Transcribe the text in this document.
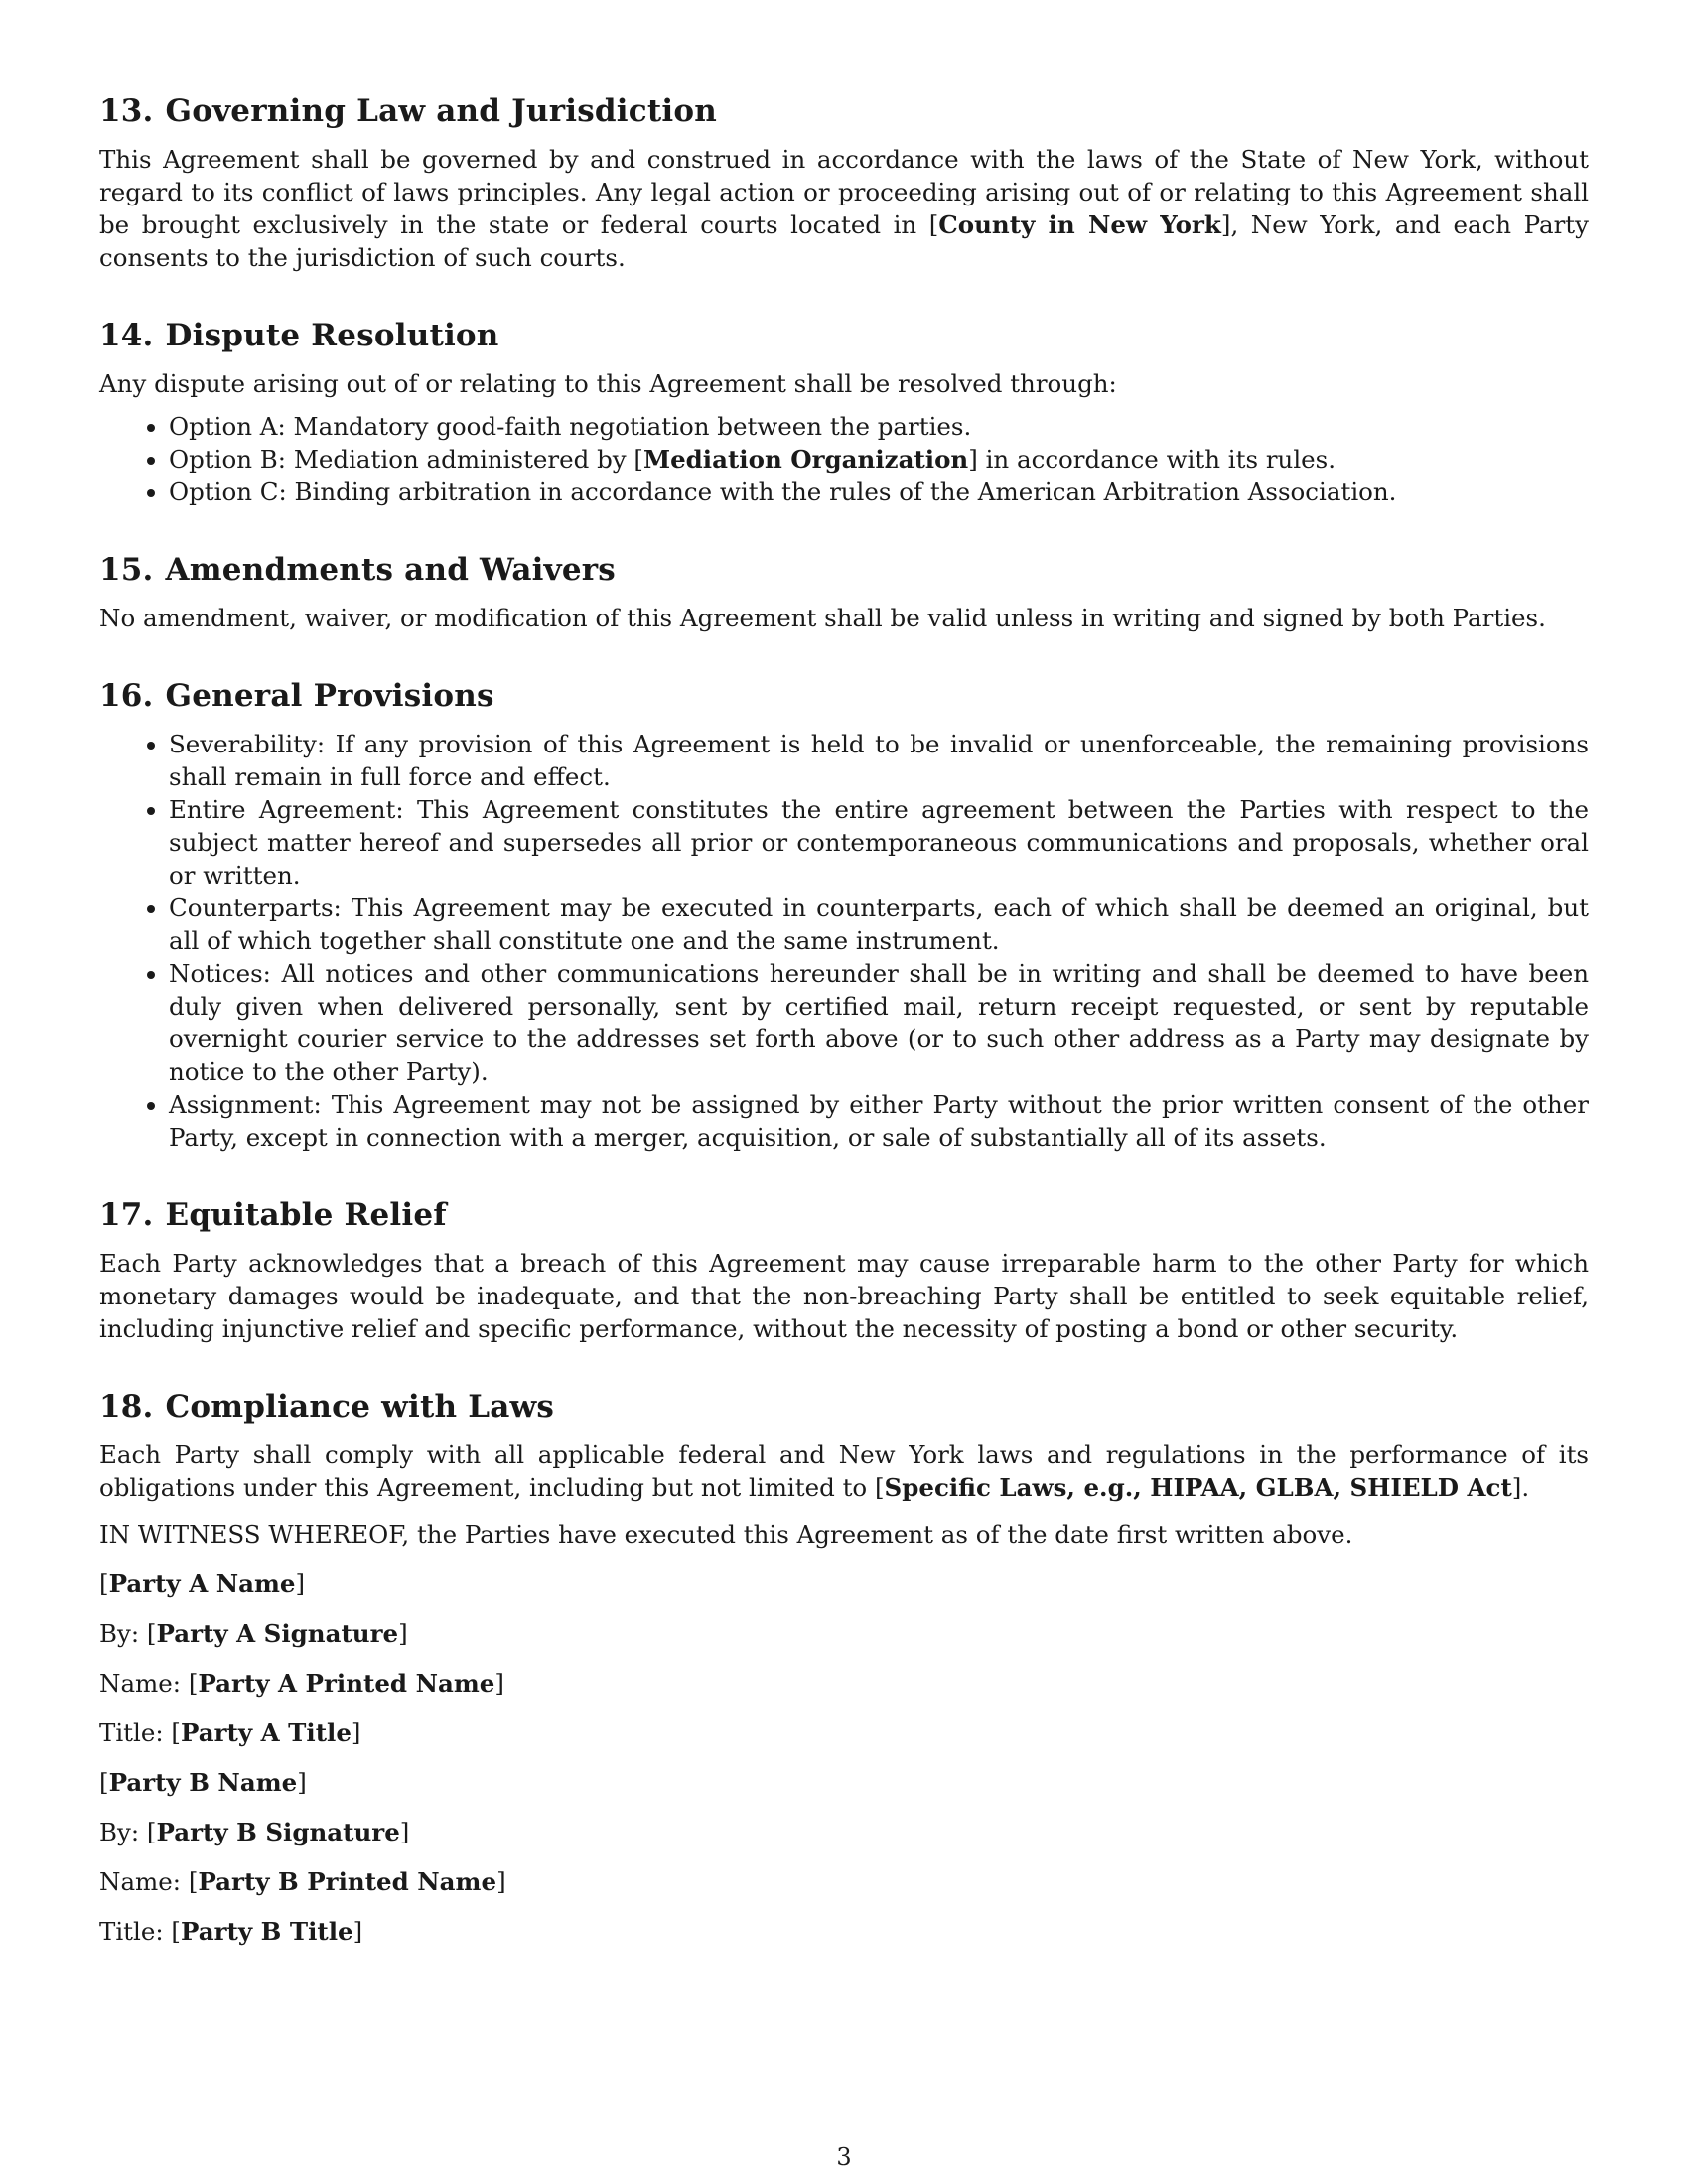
13. Governing Law and Jurisdiction

This Agreement shall be governed by and construed in accordance with the laws of the State of New York, without regard to its conflict of laws principles. Any legal action or proceeding arising out of or relating to this Agreement shall be brought exclusively in the state or federal courts located in [County in New York], New York, and each Party consents to the jurisdiction of such courts.

14. Dispute Resolution

Any dispute arising out of or relating to this Agreement shall be resolved through:

• Option A: Mandatory good-faith negotiation between the parties.
• Option B: Mediation administered by [Mediation Organization] in accordance with its rules.
• Option C: Binding arbitration in accordance with the rules of the American Arbitration Association.
15. Amendments and Waivers

No amendment, waiver, or modification of this Agreement shall be valid unless in writing and signed by both Parties.

16. General Provisions
• Severability: If any provision of this Agreement is held to be invalid or unenforceable, the remaining provisions shall remain in full force and effect.
• Entire Agreement: This Agreement constitutes the entire agreement between the Parties with respect to the subject matter hereof and supersedes all prior or contemporaneous communications and proposals, whether oral or written.
• Counterparts: This Agreement may be executed in counterparts, each of which shall be deemed an original, but all of which together shall constitute one and the same instrument.
• Notices: All notices and other communications hereunder shall be in writing and shall be deemed to have been duly given when delivered personally, sent by certified mail, return receipt requested, or sent by reputable overnight courier service to the addresses set forth above (or to such other address as a Party may designate by notice to the other Party).
• Assignment: This Agreement may not be assigned by either Party without the prior written consent of the other Party, except in connection with a merger, acquisition, or sale of substantially all of its assets.
17. Equitable Relief

Each Party acknowledges that a breach of this Agreement may cause irreparable harm to the other Party for which monetary damages would be inadequate, and that the non-breaching Party shall be entitled to seek equitable relief, including injunctive relief and specific performance, without the necessity of posting a bond or other security.

18. Compliance with Laws

Each Party shall comply with all applicable federal and New York laws and regulations in the performance of its obligations under this Agreement, including but not limited to [Specific Laws, e.g., HIPAA, GLBA, SHIELD Act].

IN WITNESS WHEREOF, the Parties have executed this Agreement as of the date first written above.

[Party A Name]
By: [Party A Signature]
Name: [Party A Printed Name]
Title: [Party A Title]
[Party B Name]
By: [Party B Signature]
Name: [Party B Printed Name]
Title: [Party B Title]
3
